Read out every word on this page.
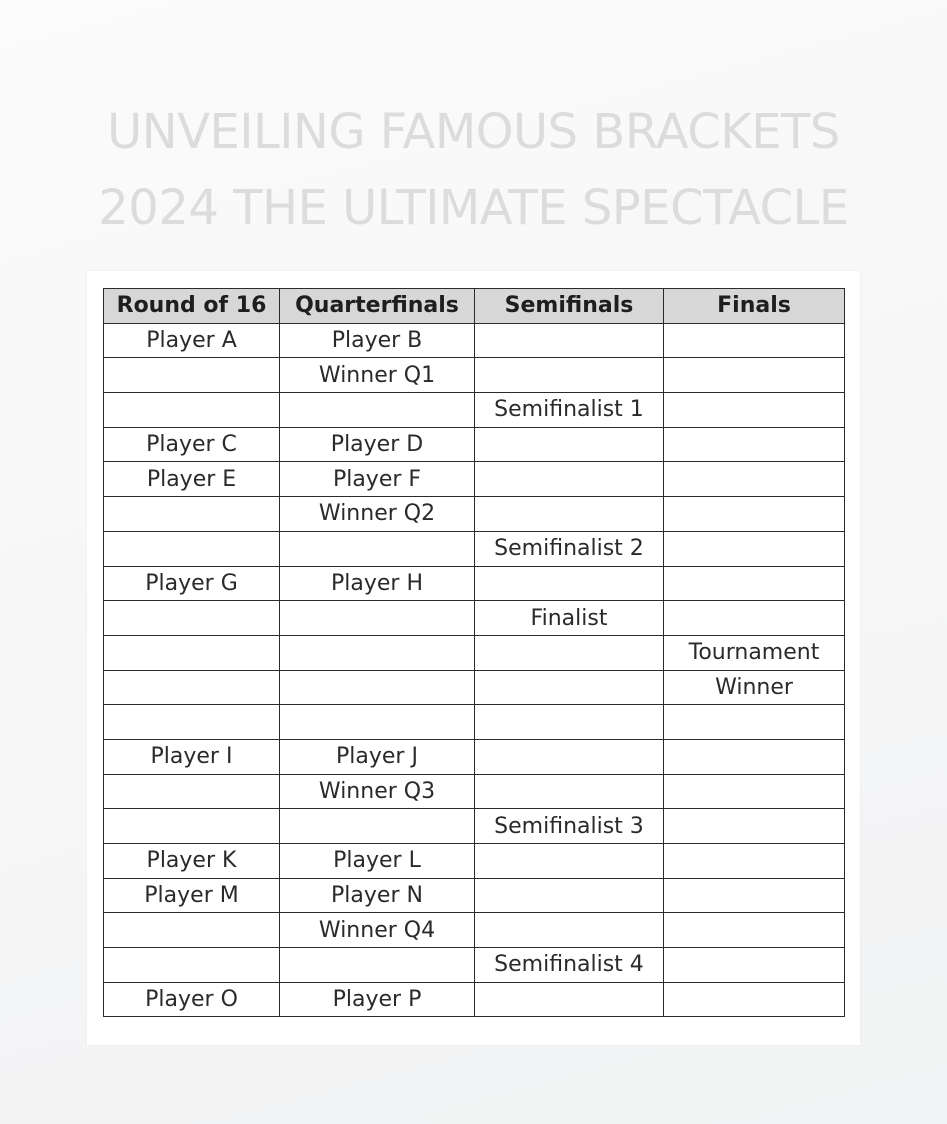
UNVEILING FAMOUS BRACKETS
2024 THE ULTIMATE SPECTACLE
Round of 16	Quarterfinals	Semifinals	Finals
Player A	Player B		
	Winner Q1		
		Semifinalist 1	
Player C	Player D		
Player E	Player F		
	Winner Q2		
		Semifinalist 2	
Player G	Player H		
		Finalist	
			Tournament
			Winner

Player I	Player J		
	Winner Q3		
		Semifinalist 3	
Player K	Player L		
Player M	Player N		
	Winner Q4		
		Semifinalist 4	
Player O	Player P		
